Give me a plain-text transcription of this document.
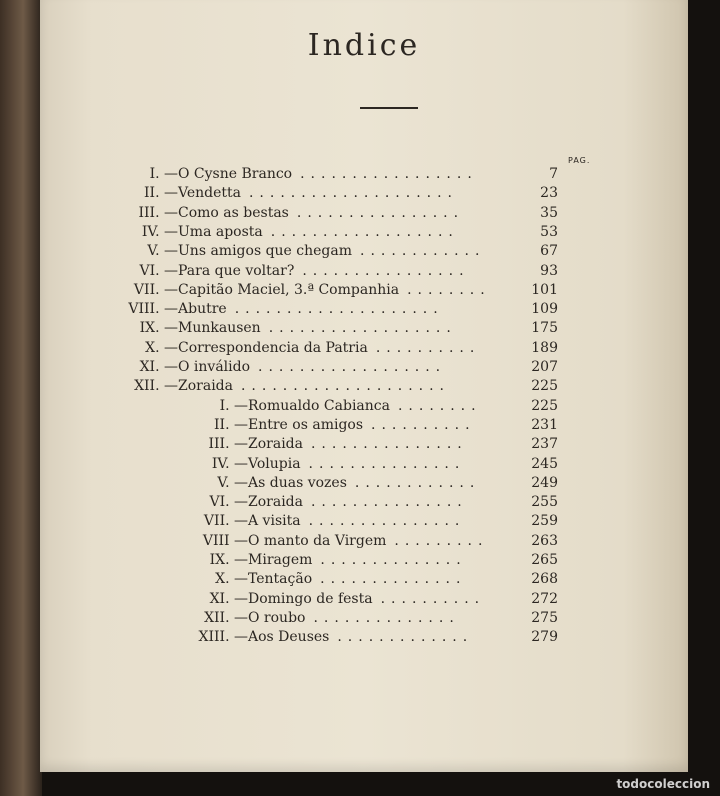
Indice
PAG.
I. — O Cysne Branco	7
.................
II. — Vendetta	23
....................
III. — Como as bestas	35
................
IV. — Uma aposta	53
..................
V. — Uns amigos que chegam	67
............
VI. — Para que voltar?	93
................
VII. — Capitão Maciel, 3.ª Companhia	101
........
VIII. — Abutre	109
....................
IX. — Munkausen	175
..................
X. — Correspondencia da Patria	189
..........
XI. — O inválido	207
..................
XII. — Zoraida	225
....................
I. — Romualdo Cabianca	225
........
II. — Entre os amigos	231
..........
III. — Zoraida	237
...............
IV. — Volupia	245
...............
V. — As duas vozes	249
............
VI. — Zoraida	255
...............
VII. — A visita	259
...............
VIII — O manto da Virgem	263
.........
IX. — Miragem	265
..............
X. — Tentação	268
..............
XI. — Domingo de festa	272
..........
XII. — O roubo	275
..............
XIII. — Aos Deuses	279
.............
todocoleccion
